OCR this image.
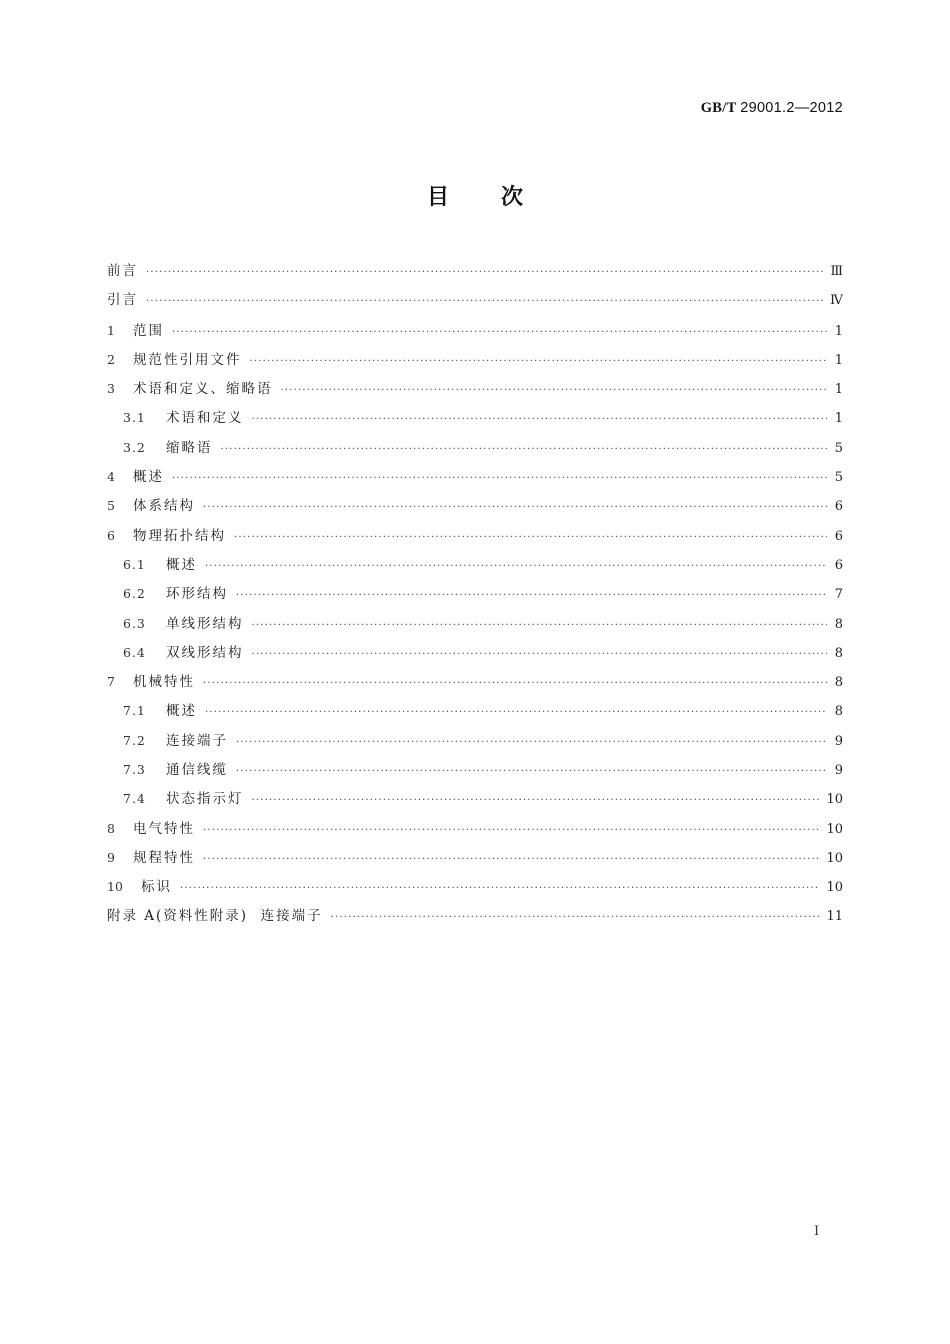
GB/T 29001.2—2012
目次
前言 ·····	Ⅲ
引言 ·····	Ⅳ
1	范围 ·····	1
2	规范性引用文件 ·····	1
3	术语和定义、缩略语 ·····	1
3.1	术语和定义 ·····	1
3.2	缩略语 ·····	5
4	概述 ·····	5
5	体系结构 ·····	6
6	物理拓扑结构 ·····	6
6.1	概述 ·····	6
6.2	环形结构 ·····	7
6.3	单线形结构 ·····	8
6.4	双线形结构 ·····	8
7	机械特性 ·····	8
7.1	概述 ·····	8
7.2	连接端子 ·····	9
7.3	通信线缆 ·····	9
7.4	状态指示灯 ·····	10
8	电气特性 ·····	10
9	规程特性 ·····	10
10	标识 ·····	10
附录 A(资料性附录)  连接端子 ·····	11
Ⅰ
